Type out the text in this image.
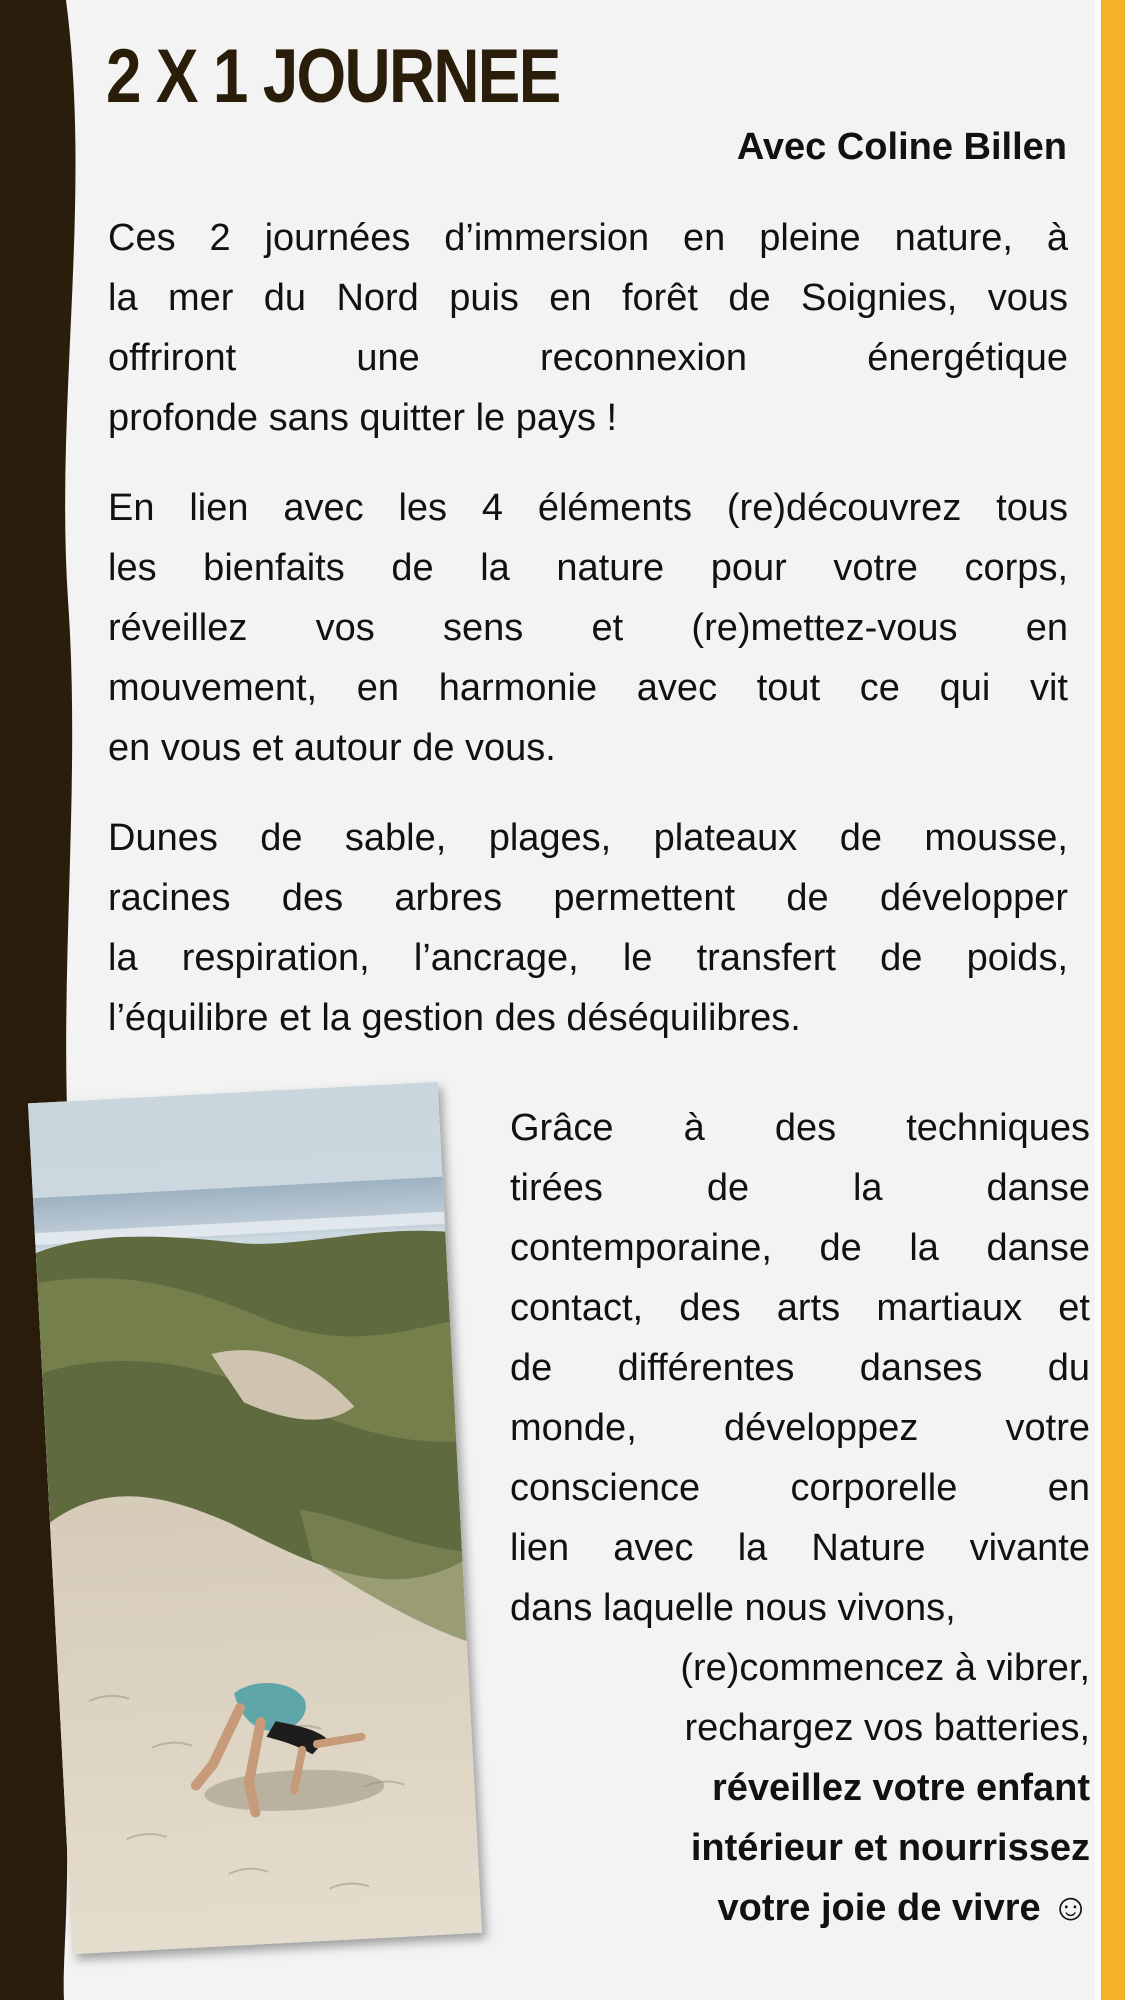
2 X 1 JOURNEE
Avec Coline Billen
Ces 2 journées d’immersion en pleine nature, à
la mer du Nord puis en forêt de Soignies, vous
offriront une reconnexion énergétique
profonde sans quitter le pays !
En lien avec les 4 éléments (re)découvrez tous
les bienfaits de la nature pour votre corps,
réveillez vos sens et (re)mettez-vous en
mouvement, en harmonie avec tout ce qui vit
en vous et autour de vous.
Dunes de sable, plages, plateaux de mousse,
racines des arbres permettent de développer
la respiration, l’ancrage, le transfert de poids,
l’équilibre et la gestion des déséquilibres.
Grâce à des techniques
tirées de la danse
contemporaine, de la danse
contact, des arts martiaux et
de différentes danses du
monde, développez votre
conscience corporelle en
lien avec la Nature vivante
dans laquelle nous vivons,
(re)commencez à vibrer,
rechargez vos batteries,
réveillez votre enfant
intérieur et nourrissez
votre joie de vivre ☺
